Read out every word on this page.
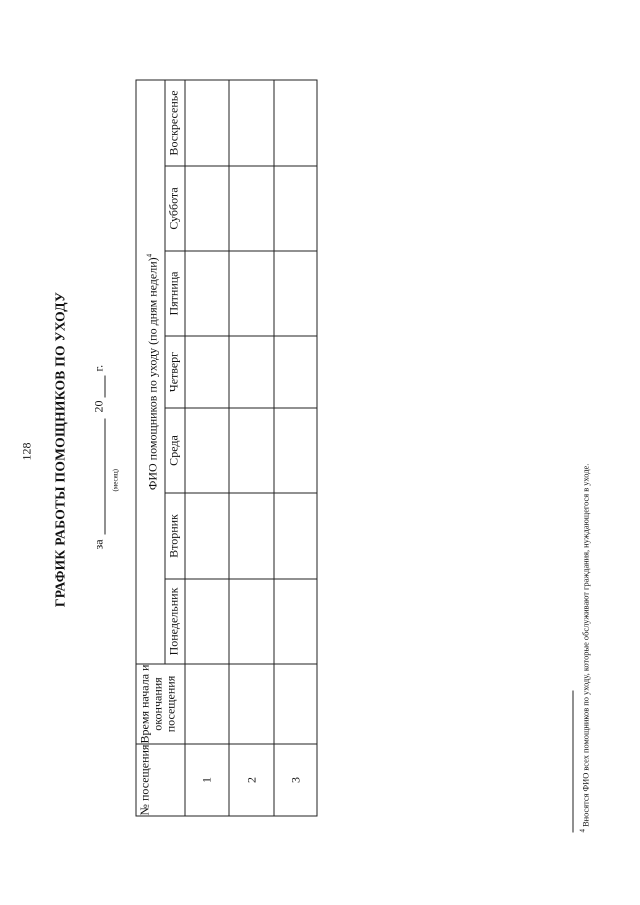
128 ГРАФИК РАБОТЫ ПОМОЩНИКОВ ПО УХОДУ за
(месяц)
20
г.
№ посещения	Время начала и окончания посещения	ФИО помощников по уходу (по дням недели)$^4$
		Понедельник	Вторник	Среда	Четверг	Пятница	Суббота	Воскресенье
1								
2								
3								
$^4$ Вносятся ФИО всех помощников по уходу, которые обслуживают граждания, нуждающегося в уходе.
